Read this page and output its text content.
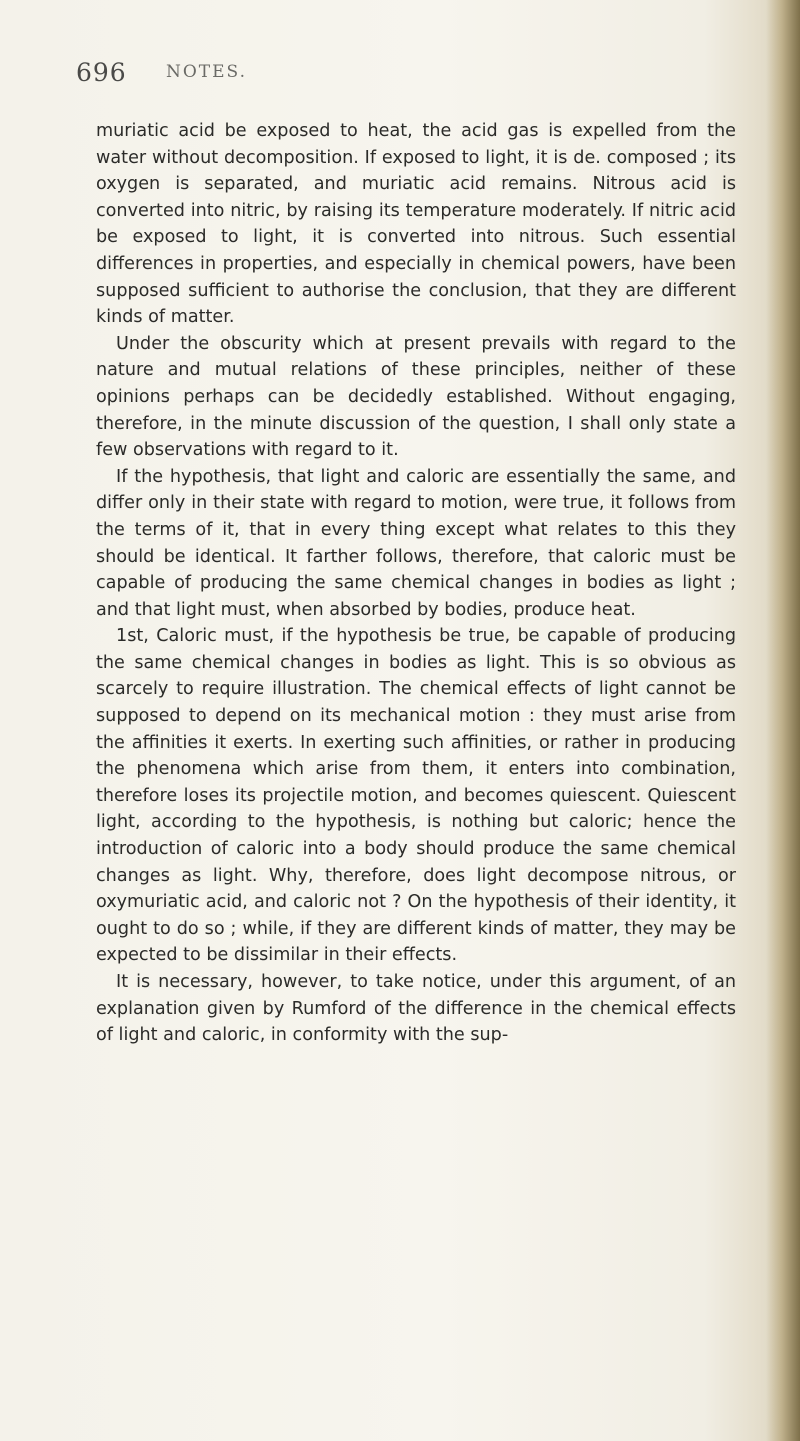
696 NOTES.

muriatic acid be exposed to heat, the acid gas is expelled from the water without decomposition. If exposed to light, it is de. composed ; its oxygen is separated, and muriatic acid remains. Nitrous acid is converted into nitric, by raising its temperature moderately. If nitric acid be exposed to light, it is converted into nitrous. Such essential differences in properties, and especially in chemical powers, have been supposed sufficient to authorise the conclusion, that they are different kinds of matter.

Under the obscurity which at present prevails with regard to the nature and mutual relations of these principles, neither of these opinions perhaps can be decidedly established. Without engaging, therefore, in the minute discussion of the question, I shall only state a few observations with regard to it.

If the hypothesis, that light and caloric are essentially the same, and differ only in their state with regard to motion, were true, it follows from the terms of it, that in every thing except what relates to this they should be identical. It farther follows, therefore, that caloric must be capable of producing the same chemical changes in bodies as light ; and that light must, when absorbed by bodies, produce heat.

1st, Caloric must, if the hypothesis be true, be capable of producing the same chemical changes in bodies as light. This is so obvious as scarcely to require illustration. The chemical effects of light cannot be supposed to depend on its mechanical motion : they must arise from the affinities it exerts. In exerting such affinities, or rather in producing the phenomena which arise from them, it enters into combination, therefore loses its projectile motion, and becomes quiescent. Quiescent light, according to the hypothesis, is nothing but caloric; hence the introduction of caloric into a body should produce the same chemical changes as light. Why, therefore, does light decompose nitrous, or oxymuriatic acid, and caloric not ? On the hypothesis of their identity, it ought to do so ; while, if they are different kinds of matter, they may be expected to be dissimilar in their effects.

It is necessary, however, to take notice, under this argument, of an explanation given by Rumford of the difference in the chemical effects of light and caloric, in conformity with the sup-
